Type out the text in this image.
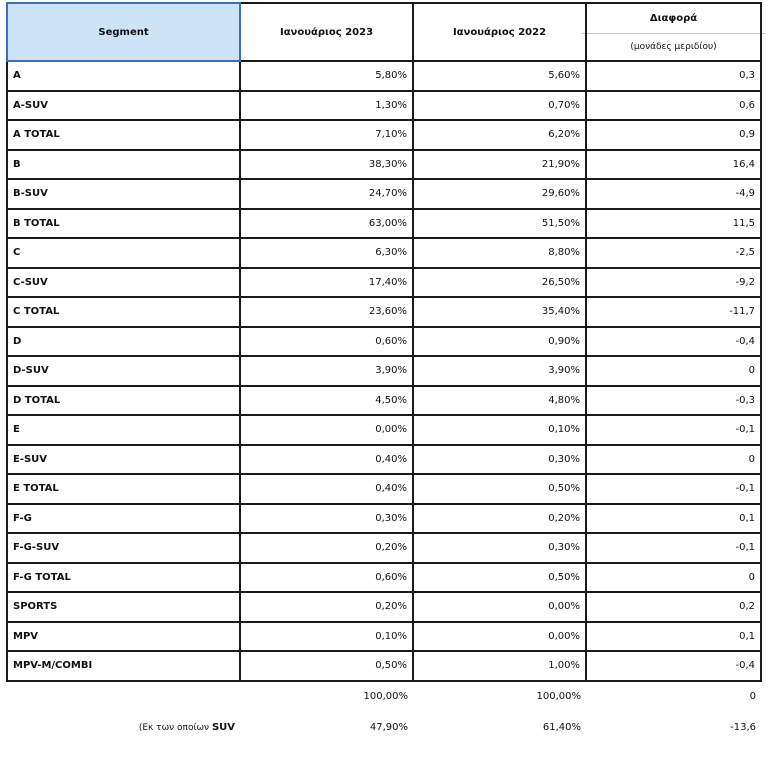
Segment	Ιανουάριος 2023	Ιανουάριος 2022	Διαφορά
(μονάδες μεριδίου)

A	5,80%	5,60%	0,3
A-SUV	1,30%	0,70%	0,6
A TOTAL	7,10%	6,20%	0,9
B	38,30%	21,90%	16,4
B-SUV	24,70%	29,60%	-4,9
B TOTAL	63,00%	51,50%	11,5
C	6,30%	8,80%	-2,5
C-SUV	17,40%	26,50%	-9,2
C TOTAL	23,60%	35,40%	-11,7
D	0,60%	0,90%	-0,4
D-SUV	3,90%	3,90%	0
D TOTAL	4,50%	4,80%	-0,3
E	0,00%	0,10%	-0,1
E-SUV	0,40%	0,30%	0
E TOTAL	0,40%	0,50%	-0,1
F-G	0,30%	0,20%	0,1
F-G-SUV	0,20%	0,30%	-0,1
F-G TOTAL	0,60%	0,50%	0
SPORTS	0,20%	0,00%	0,2
MPV	0,10%	0,00%	0,1
MPV-M/COMBI	0,50%	1,00%	-0,4
	100,00%	100,00%	0
(Εκ των οποίων SUV	47,90%	61,40%	-13,6
